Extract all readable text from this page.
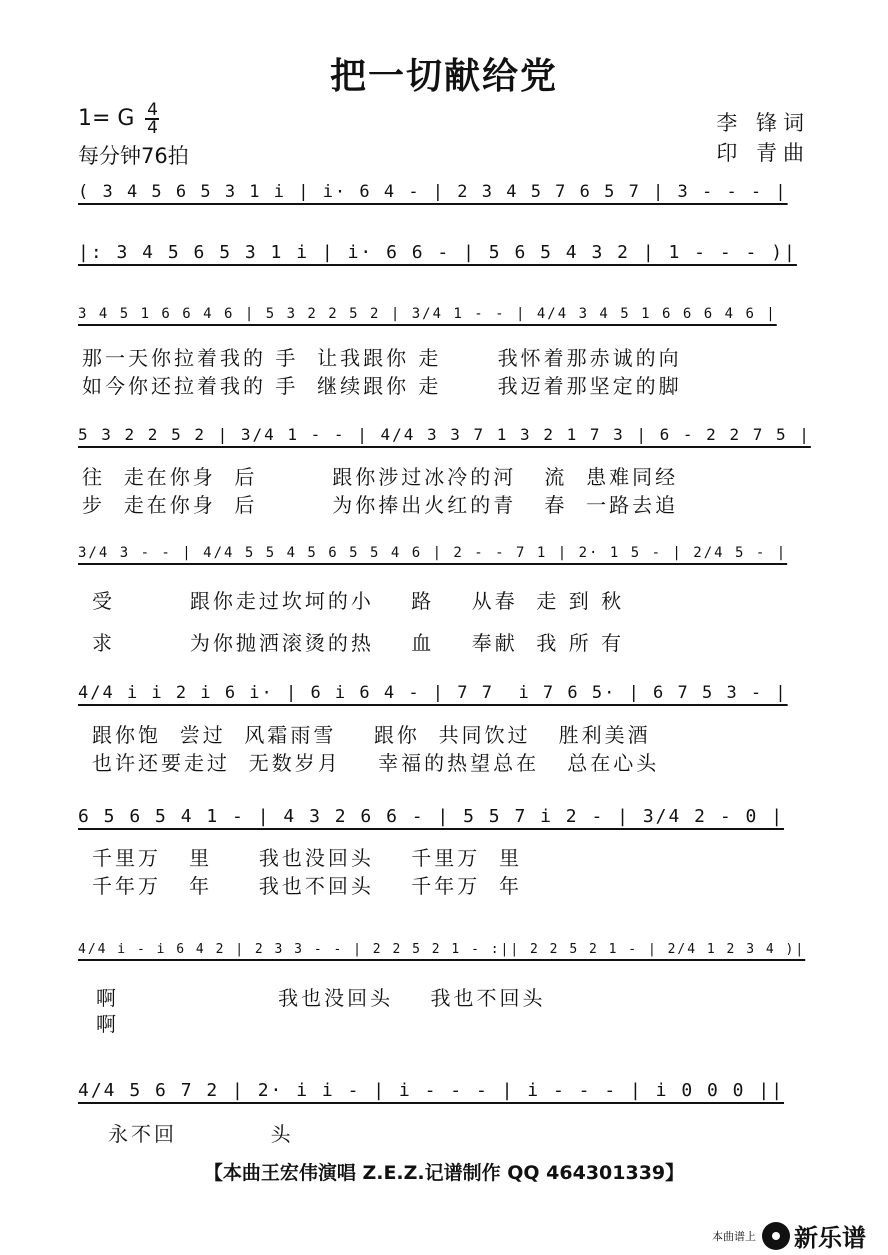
把一切献给党
1= G $\frac{4}{4}$
每分钟76拍
李 锋词
印 青曲
( 3 4 5 6 5 3 1 i | i· 6 4 - | 2 3 4 5 7 6 5 7 | 3 - - - |
|: 3 4 5 6 5 3 1 i | i· 6 6 - | 5 6 5 4 3 2 | 1 - - - )|
3 4 5 1 6 6 4 6 | 5 3 2 2 5 2 | 3/4 1 - - | 4/4 3 4 5 1 6 6 6 4 6 |
那一天你拉着我的 手  让我跟你 走      我怀着那赤诚的向
如今你还拉着我的 手  继续跟你 走      我迈着那坚定的脚
5 3 2 2 5 2 | 3/4 1 - - | 4/4 3 3 7 1 3 2 1 7 3 | 6 - 2 2 7 5 |
往  走在你身  后        跟你涉过冰冷的河   流  患难同经
步  走在你身  后        为你捧出火红的青   春  一路去追
3/4 3 - - | 4/4 5 5 4 5 6 5 5 4 6 | 2 - - 7 1 | 2· 1 5 - | 2/4 5 - |
受        跟你走过坎坷的小    路    从春  走 到 秋
求        为你抛洒滚烫的热    血    奉献  我 所 有
4/4 i i 2 i 6 i· | 6 i 6 4 - | 7 7  i 7 6 5· | 6 7 5 3 - |
跟你饱  尝过  风霜雨雪    跟你  共同饮过   胜利美酒
也许还要走过  无数岁月    幸福的热望总在   总在心头
6 5 6 5 4 1 - | 4 3 2 6 6 - | 5 5 7 i 2 - | 3/4 2 - 0 |
千里万   里     我也没回头    千里万  里
千年万   年     我也不回头    千年万  年
4/4 i - i 6 4 2 | 2 3 3 - - | 2 2 5 2 1 - :|| 2 2 5 2 1 - | 2/4 1 2 3 4 )|
啊                 我也没回头    我也不回头
啊
4/4 5 6 7 2 | 2· i i - | i - - - | i - - - | i 0 0 0 ||
永不回          头
【本曲王宏伟演唱 Z.E.Z.记谱制作 QQ 464301339】
本曲谱上 新乐谱
